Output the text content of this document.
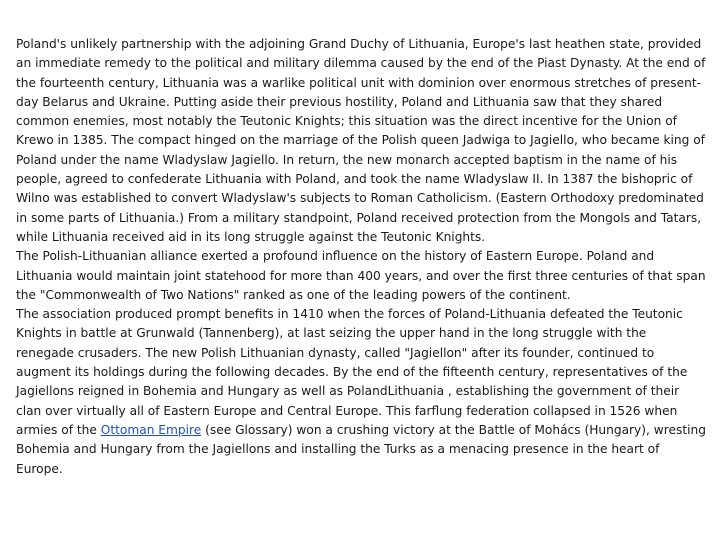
Poland's unlikely partnership with the adjoining Grand Duchy of Lithuania, Europe's last heathen state, provided an immediate remedy to the political and military dilemma caused by the end of the Piast Dynasty. At the end of the fourteenth century, Lithuania was a warlike political unit with dominion over enormous stretches of present-day Belarus and Ukraine. Putting aside their previous hostility, Poland and Lithuania saw that they shared common enemies, most notably the Teutonic Knights; this situation was the direct incentive for the Union of Krewo in 1385. The compact hinged on the marriage of the Polish queen Jadwiga to Jagiello, who became king of Poland under the name Wladyslaw Jagiello. In return, the new monarch accepted baptism in the name of his people, agreed to confederate Lithuania with Poland, and took the name Wladyslaw II. In 1387 the bishopric of Wilno was established to convert Wladyslaw's subjects to Roman Catholicism. (Eastern Orthodoxy predominated in some parts of Lithuania.) From a military standpoint, Poland received protection from the Mongols and Tatars, while Lithuania received aid in its long struggle against the Teutonic Knights.

The Polish-Lithuanian alliance exerted a profound influence on the history of Eastern Europe. Poland and Lithuania would maintain joint statehood for more than 400 years, and over the first three centuries of that span the "Commonwealth of Two Nations" ranked as one of the leading powers of the continent.

The association produced prompt benefits in 1410 when the forces of Poland-Lithuania defeated the Teutonic Knights in battle at Grunwald (Tannenberg), at last seizing the upper hand in the long struggle with the renegade crusaders. The new Polish Lithuanian dynasty, called "Jagiellon" after its founder, continued to augment its holdings during the following decades. By the end of the fifteenth century, representatives of the Jagiellons reigned in Bohemia and Hungary as well as PolandLithuania , establishing the government of their clan over virtually all of Eastern Europe and Central Europe. This farflung federation collapsed in 1526 when armies of the Ottoman Empire (see Glossary) won a crushing victory at the Battle of Mohács (Hungary), wresting Bohemia and Hungary from the Jagiellons and installing the Turks as a menacing presence in the heart of Europe.
